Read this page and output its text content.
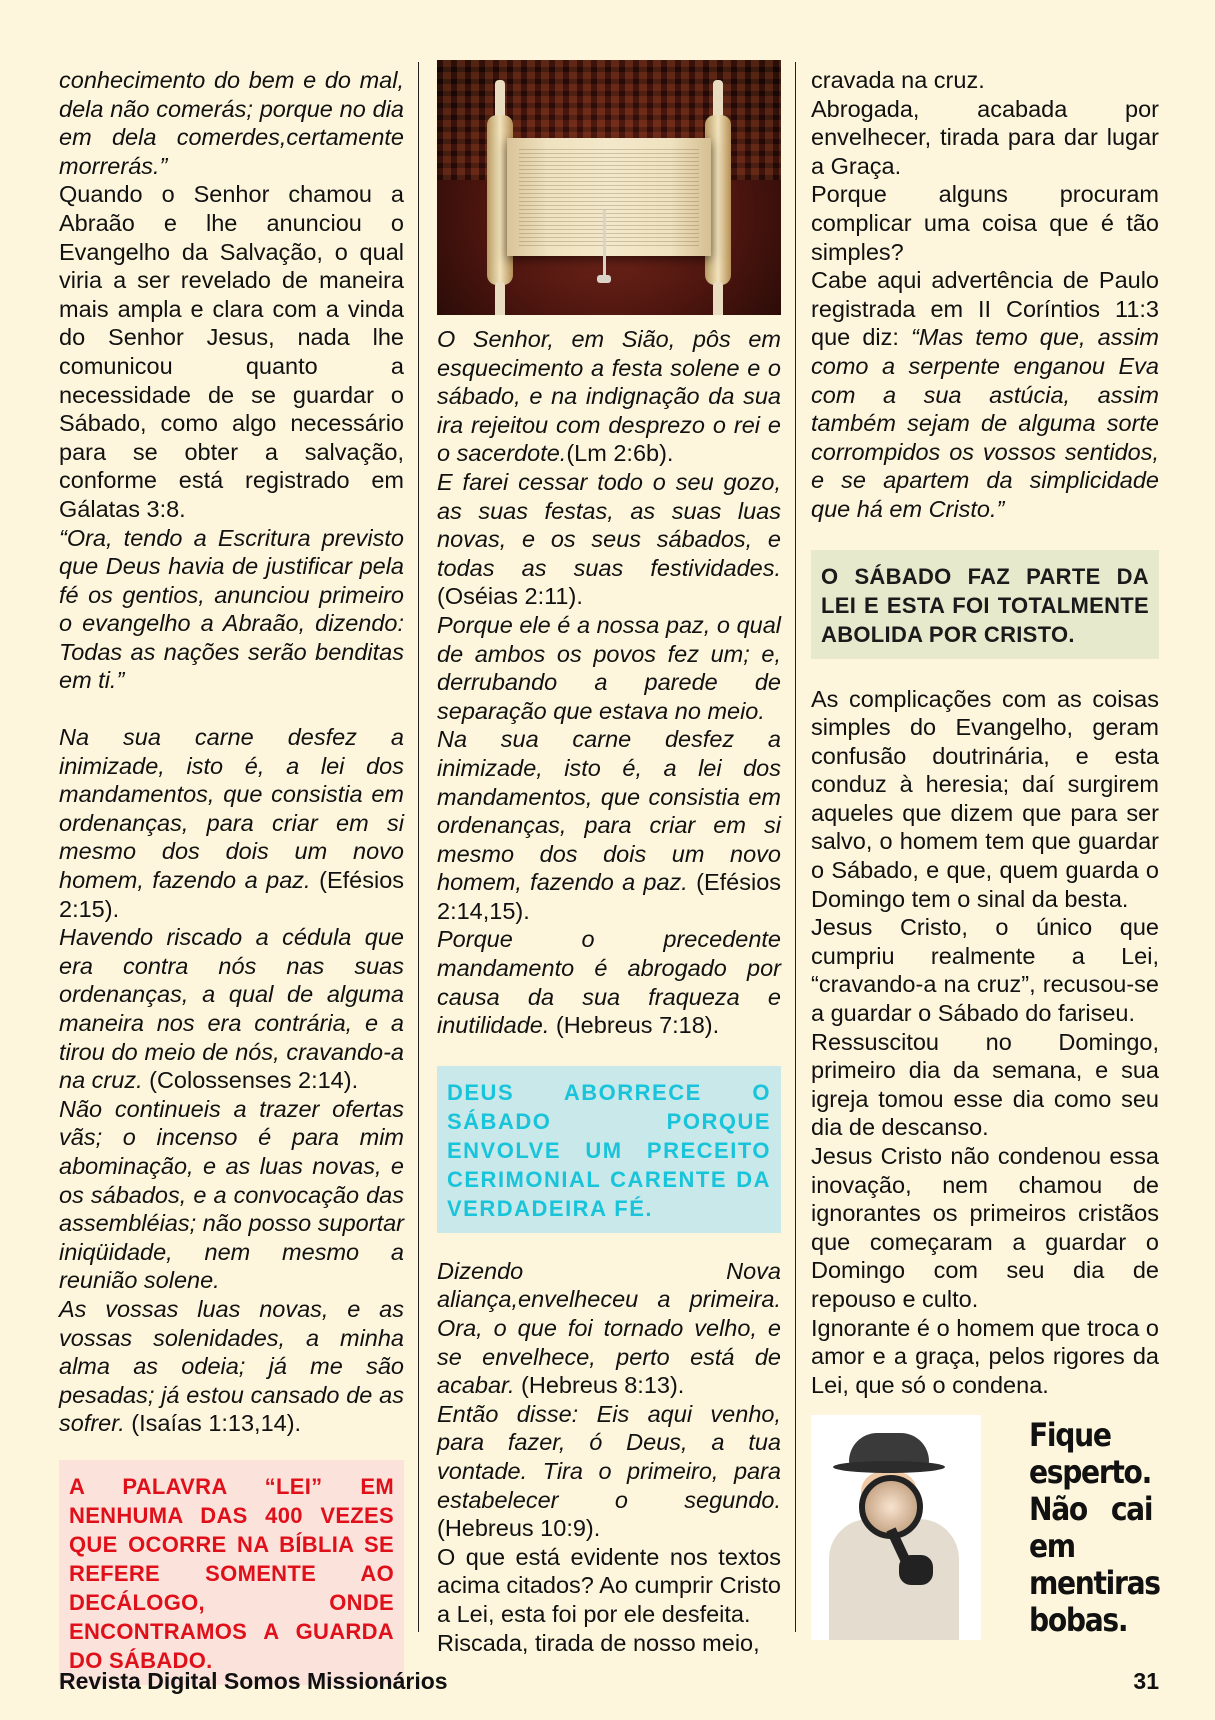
conhecimento do bem e do mal, dela não comerás; porque no dia em dela comerdes,certamente morrerás.”

Quando o Senhor chamou a Abraão e lhe anunciou o Evangelho da Salvação, o qual viria a ser revelado de maneira mais ampla e clara com a vinda do Senhor Jesus, nada lhe comunicou quanto a necessidade de se guardar o Sábado, como algo necessário para se obter a salvação, conforme está registrado em Gálatas 3:8.

“Ora, tendo a Escritura previsto que Deus havia de justificar pela fé os gentios, anunciou primeiro o evangelho a Abraão, dizendo: Todas as nações serão benditas em ti.”

Na sua carne desfez a inimizade, isto é, a lei dos mandamentos, que consistia em ordenanças, para criar em si mesmo dos dois um novo homem, fazendo a paz. (Efésios 2:15).

Havendo riscado a cédula que era contra nós nas suas ordenanças, a qual de alguma maneira nos era contrária, e a tirou do meio de nós, cravando-a na cruz. (Colossenses 2:14).

Não continueis a trazer ofertas vãs; o incenso é para mim abominação, e as luas novas, e os sábados, e a convocação das assembléias; não posso suportar iniqüidade, nem mesmo a reunião solene.

As vossas luas novas, e as vossas solenidades, a minha alma as odeia; já me são pesadas; já estou cansado de as sofrer. (Isaías 1:13,14).

A PALAVRA “LEI” EM NENHUMA DAS 400 VEZES QUE OCORRE NA BÍBLIA SE REFERE SOMENTE AO DECÁLOGO, ONDE ENCONTRAMOS A GUARDA DO SÁBADO.

O Senhor, em Sião, pôs em esquecimento a festa solene e o sábado, e na indignação da sua ira rejeitou com desprezo o rei e o sacerdote.(Lm 2:6b).

E farei cessar todo o seu gozo, as suas festas, as suas luas novas, e os seus sábados, e todas as suas festividades. (Oséias 2:11).

Porque ele é a nossa paz, o qual de ambos os povos fez um; e, derrubando a parede de separação que estava no meio.

Na sua carne desfez a inimizade, isto é, a lei dos mandamentos, que consistia em ordenanças, para criar em si mesmo dos dois um novo homem, fazendo a paz. (Efésios 2:14,15).

Porque o precedente mandamento é abrogado por causa da sua fraqueza e inutilidade. (Hebreus 7:18).

DEUS ABORRECE O SÁBADO PORQUE ENVOLVE UM PRECEITO CERIMONIAL CARENTE DA VERDADEIRA FÉ.

Dizendo Nova aliança,envelheceu a primeira. Ora, o que foi tornado velho, e se envelhece, perto está de acabar. (Hebreus 8:13).

Então disse: Eis aqui venho, para fazer, ó Deus, a tua vontade. Tira o primeiro, para estabelecer o segundo. (Hebreus 10:9).

O que está evidente nos textos acima citados? Ao cumprir Cristo a Lei, esta foi por ele desfeita.

Riscada, tirada de nosso meio,

cravada na cruz.

Abrogada, acabada por envelhecer, tirada para dar lugar a Graça.

Porque alguns procuram complicar uma coisa que é tão simples?

Cabe aqui advertência de Paulo registrada em II Coríntios 11:3 que diz: “Mas temo que, assim como a serpente enganou Eva com a sua astúcia, assim também sejam de alguma sorte corrompidos os vossos sentidos, e se apartem da simplicidade que há em Cristo.”

O SÁBADO FAZ PARTE DA LEI E ESTA FOI TOTALMENTE ABOLIDA POR CRISTO.

As complicações com as coisas simples do Evangelho, geram confusão doutrinária, e esta conduz à heresia; daí surgirem aqueles que dizem que para ser salvo, o homem tem que guardar o Sábado, e que, quem guarda o Domingo tem o sinal da besta.

Jesus Cristo, o único que cumpriu realmente a Lei, “cravando-a na cruz”, recusou-se a guardar o Sábado do fariseu.

Ressuscitou no Domingo, primeiro dia da semana, e sua igreja tomou esse dia como seu dia de descanso.

Jesus Cristo não condenou essa inovação, nem chamou de ignorantes os primeiros cristãos que começaram a guardar o Domingo com seu dia de repouso e culto.

Ignorante é o homem que troca o amor e a graça, pelos rigores da Lei, que só o condena.

Fique esperto. Não cai em mentiras bobas.
Revista Digital Somos Missionários	31
